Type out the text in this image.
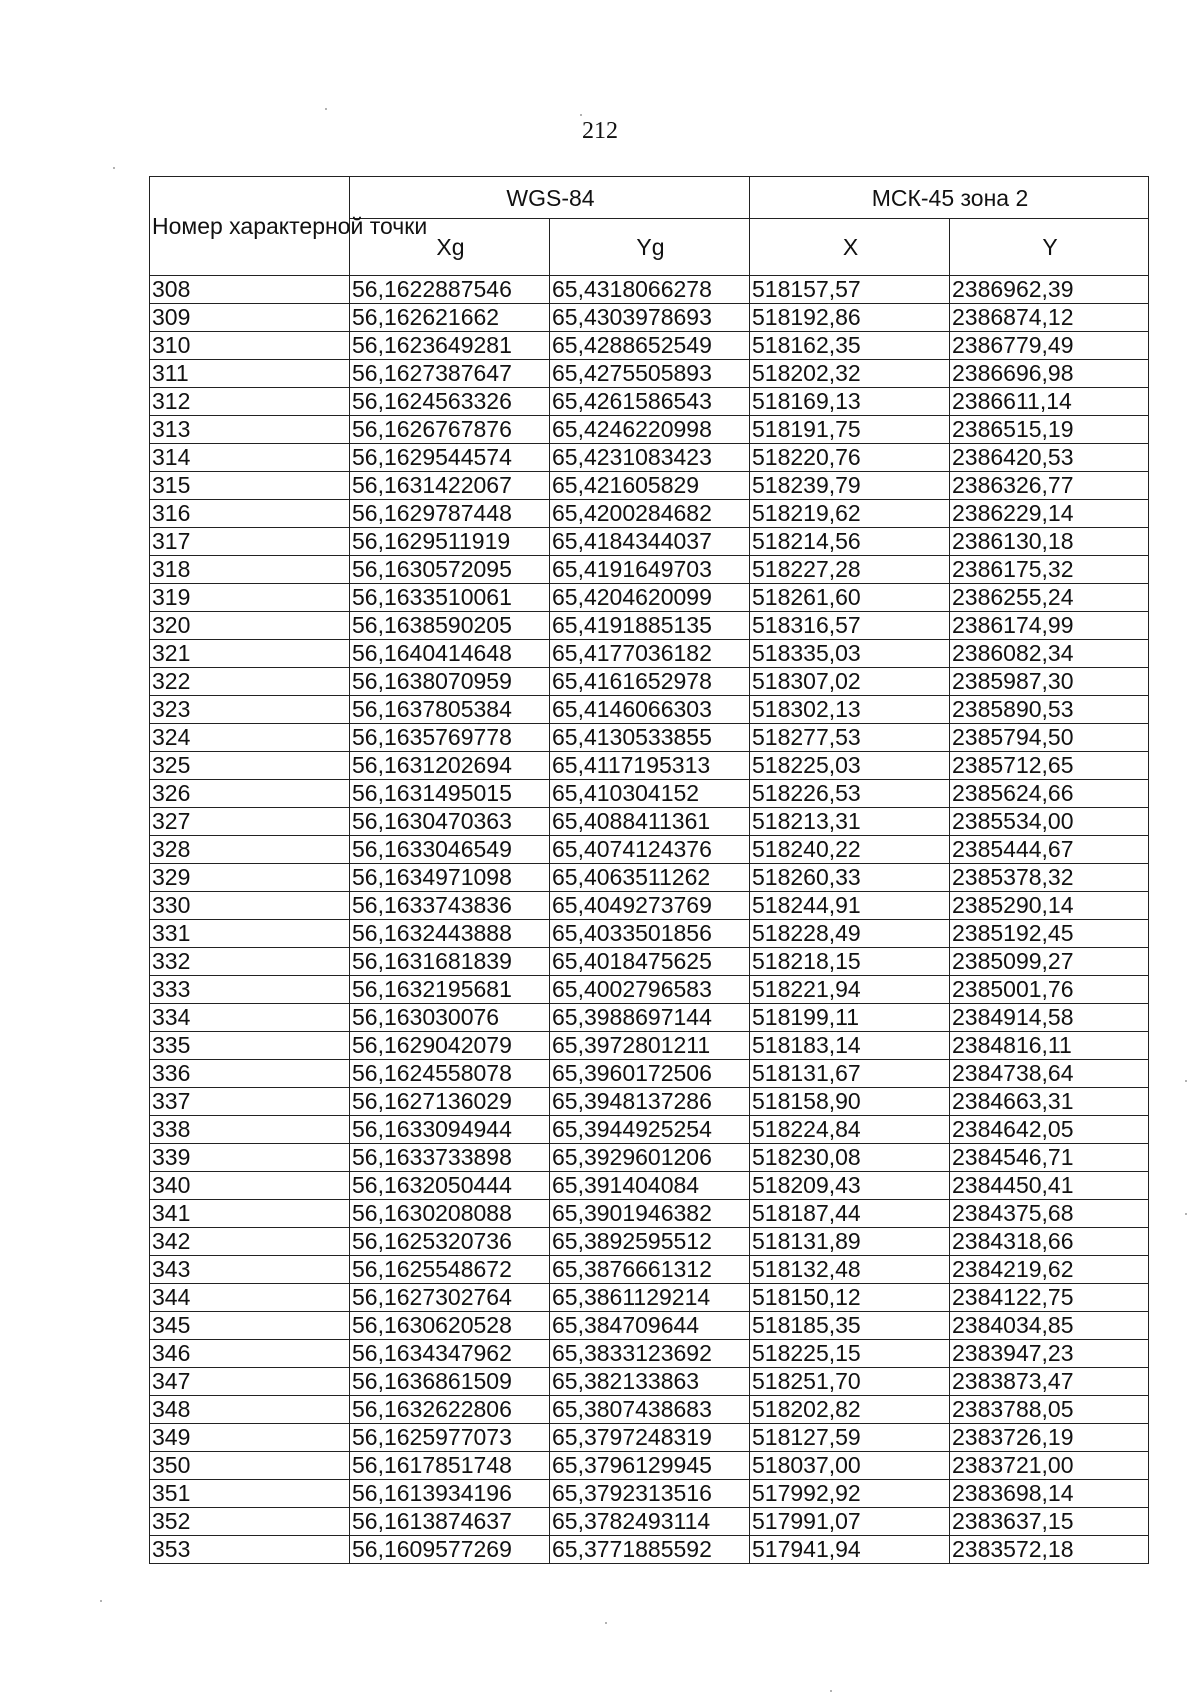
212
Номер характерной точки	WGS-84		МСК-45 зона 2	
	Xg	Yg	X	Y
308	56,1622887546	65,4318066278	518157,57	2386962,39
309	56,162621662	65,4303978693	518192,86	2386874,12
310	56,1623649281	65,4288652549	518162,35	2386779,49
311	56,1627387647	65,4275505893	518202,32	2386696,98
312	56,1624563326	65,4261586543	518169,13	2386611,14
313	56,1626767876	65,4246220998	518191,75	2386515,19
314	56,1629544574	65,4231083423	518220,76	2386420,53
315	56,1631422067	65,421605829	518239,79	2386326,77
316	56,1629787448	65,4200284682	518219,62	2386229,14
317	56,1629511919	65,4184344037	518214,56	2386130,18
318	56,1630572095	65,4191649703	518227,28	2386175,32
319	56,1633510061	65,4204620099	518261,60	2386255,24
320	56,1638590205	65,4191885135	518316,57	2386174,99
321	56,1640414648	65,4177036182	518335,03	2386082,34
322	56,1638070959	65,4161652978	518307,02	2385987,30
323	56,1637805384	65,4146066303	518302,13	2385890,53
324	56,1635769778	65,4130533855	518277,53	2385794,50
325	56,1631202694	65,4117195313	518225,03	2385712,65
326	56,1631495015	65,410304152	518226,53	2385624,66
327	56,1630470363	65,4088411361	518213,31	2385534,00
328	56,1633046549	65,4074124376	518240,22	2385444,67
329	56,1634971098	65,4063511262	518260,33	2385378,32
330	56,1633743836	65,4049273769	518244,91	2385290,14
331	56,1632443888	65,4033501856	518228,49	2385192,45
332	56,1631681839	65,4018475625	518218,15	2385099,27
333	56,1632195681	65,4002796583	518221,94	2385001,76
334	56,163030076	65,3988697144	518199,11	2384914,58
335	56,1629042079	65,3972801211	518183,14	2384816,11
336	56,1624558078	65,3960172506	518131,67	2384738,64
337	56,1627136029	65,3948137286	518158,90	2384663,31
338	56,1633094944	65,3944925254	518224,84	2384642,05
339	56,1633733898	65,3929601206	518230,08	2384546,71
340	56,1632050444	65,391404084	518209,43	2384450,41
341	56,1630208088	65,3901946382	518187,44	2384375,68
342	56,1625320736	65,3892595512	518131,89	2384318,66
343	56,1625548672	65,3876661312	518132,48	2384219,62
344	56,1627302764	65,3861129214	518150,12	2384122,75
345	56,1630620528	65,384709644	518185,35	2384034,85
346	56,1634347962	65,3833123692	518225,15	2383947,23
347	56,1636861509	65,382133863	518251,70	2383873,47
348	56,1632622806	65,3807438683	518202,82	2383788,05
349	56,1625977073	65,3797248319	518127,59	2383726,19
350	56,1617851748	65,3796129945	518037,00	2383721,00
351	56,1613934196	65,3792313516	517992,92	2383698,14
352	56,1613874637	65,3782493114	517991,07	2383637,15
353	56,1609577269	65,3771885592	517941,94	2383572,18
